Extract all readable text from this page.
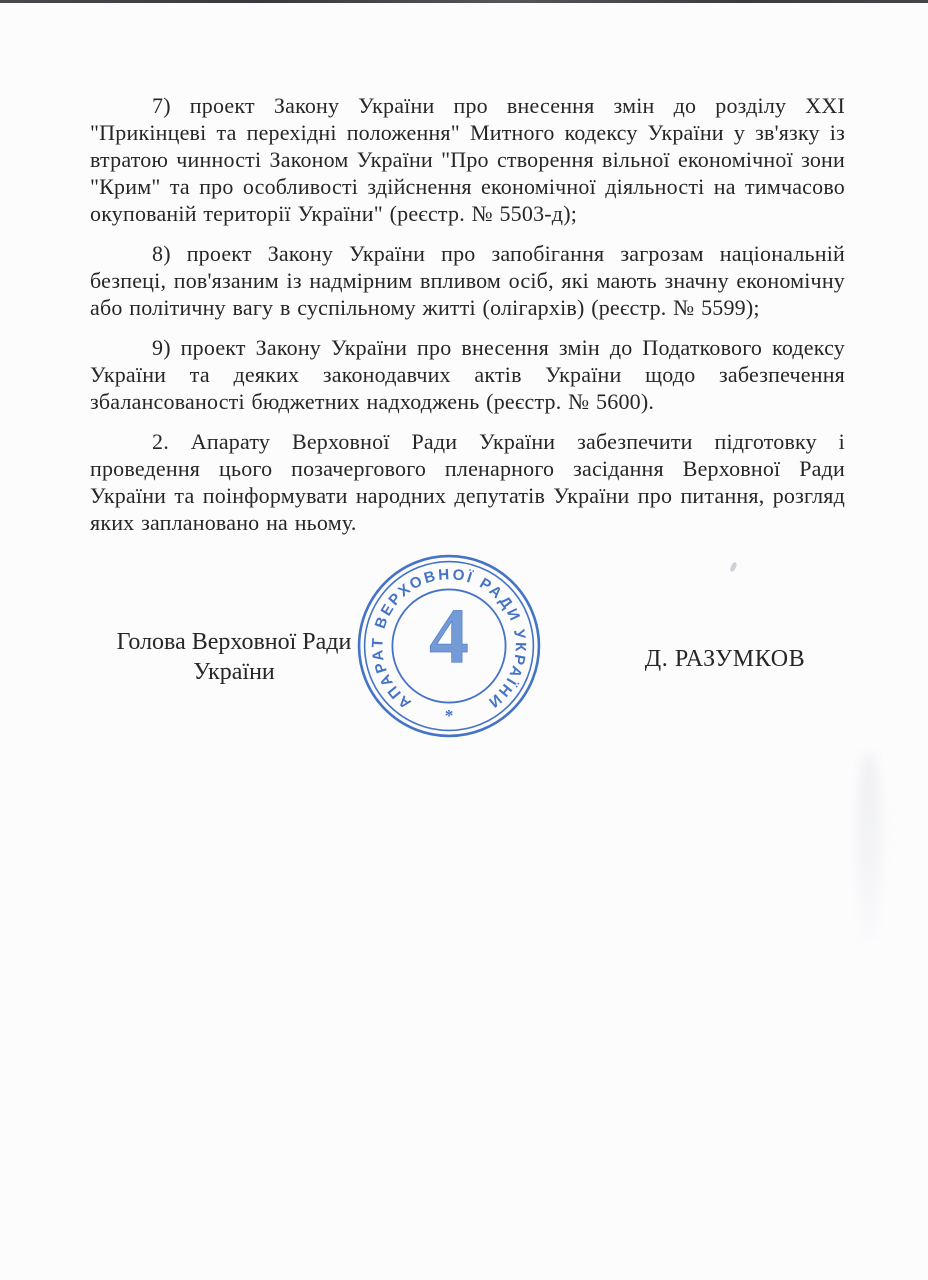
7) проект Закону України про внесення змін до розділу XXI "Прикінцеві та перехідні положення" Митного кодексу України у зв'язку із втратою чинності Законом України "Про створення вільної економічної зони "Крим" та про особливості здійснення економічної діяльності на тимчасово окупованій території України" (реєстр. № 5503-д);

8) проект Закону України про запобігання загрозам національній безпеці, пов'язаним із надмірним впливом осіб, які мають значну економічну або політичну вагу в суспільному житті (олігархів) (реєстр. № 5599);

9) проект Закону України про внесення змін до Податкового кодексу України та деяких законодавчих актів України щодо забезпечення збалансованості бюджетних надходжень (реєстр. № 5600).

2. Апарату Верховної Ради України забезпечити підготовку і проведення цього позачергового пленарного засідання Верховної Ради України та поінформувати народних депутатів України про питання, розгляд яких заплановано на ньому.

Голова Верховної Ради
України
АПАРАТ ВЕРХОВНОЇ РАДИ УКРАЇНИ
4
*
Д. РАЗУМКОВ
